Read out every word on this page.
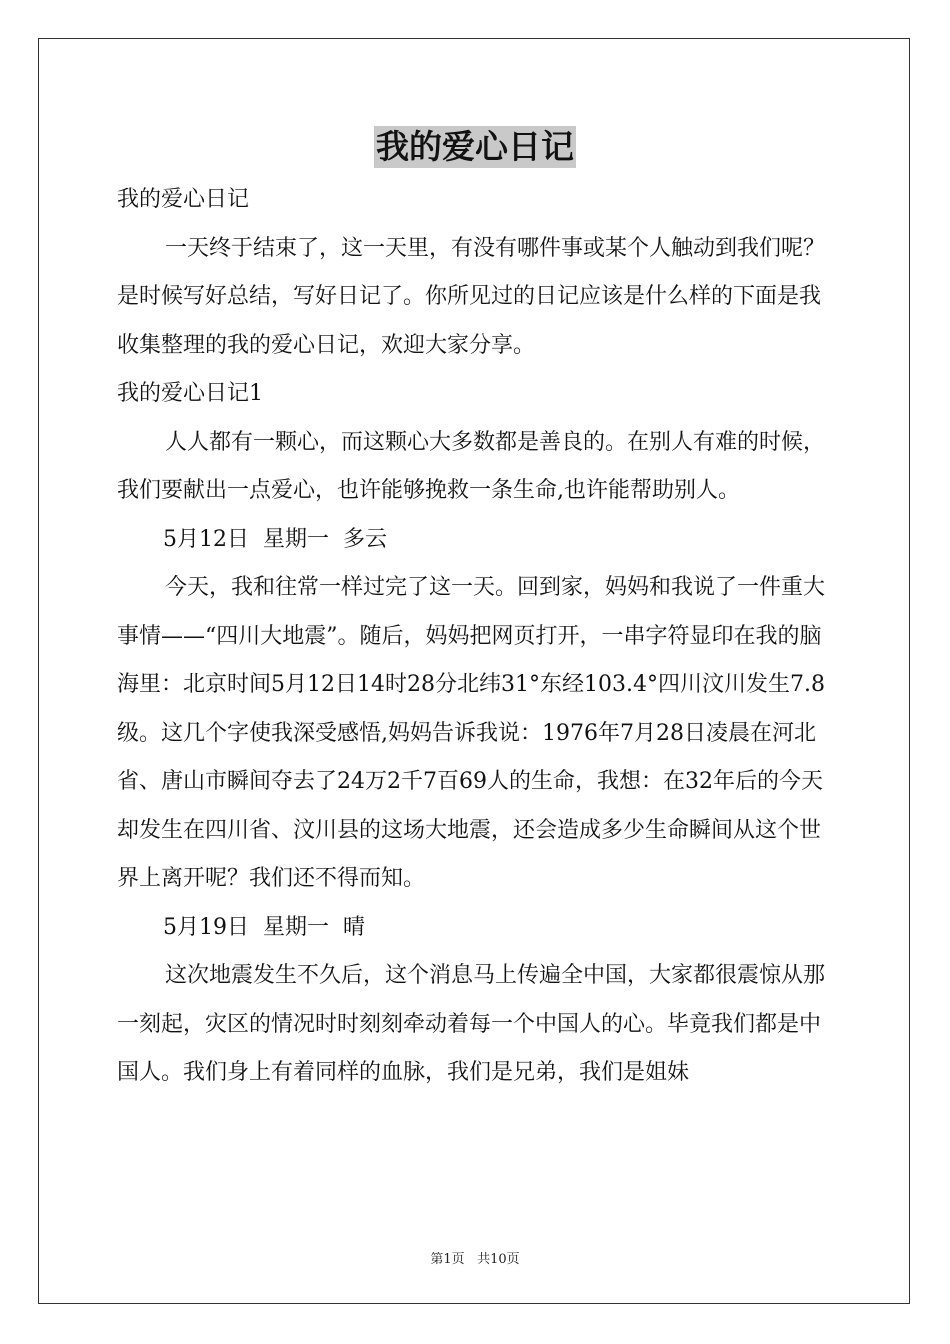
我的爱心日记

我的爱心日记

一天终于结束了，这一天里，有没有哪件事或某个人触动到我们呢？是时候写好总结，写好日记了。你所见过的日记应该是什么样的下面是我收集整理的我的爱心日记，欢迎大家分享。

我的爱心日记1

人人都有一颗心，而这颗心大多数都是善良的。在别人有难的时候，我们要献出一点爱心，也许能够挽救一条生命,也许能帮助别人。

5月12日  星期一  多云

今天，我和往常一样过完了这一天。回到家，妈妈和我说了一件重大事情——“四川大地震”。随后，妈妈把网页打开，一串字符显印在我的脑海里：北京时间5月12日14时28分北纬31°东经103.4°四川汶川发生7.8级。这几个字使我深受感悟,妈妈告诉我说：1976年7月28日凌晨在河北省、唐山市瞬间夺去了24万2千7百69人的生命，我想：在32年后的今天却发生在四川省、汶川县的这场大地震，还会造成多少生命瞬间从这个世界上离开呢？我们还不得而知。

5月19日  星期一  晴

这次地震发生不久后，这个消息马上传遍全中国，大家都很震惊从那一刻起，灾区的情况时时刻刻牵动着每一个中国人的心。毕竟我们都是中国人。我们身上有着同样的血脉，我们是兄弟，我们是姐妹

第1页 共10页
